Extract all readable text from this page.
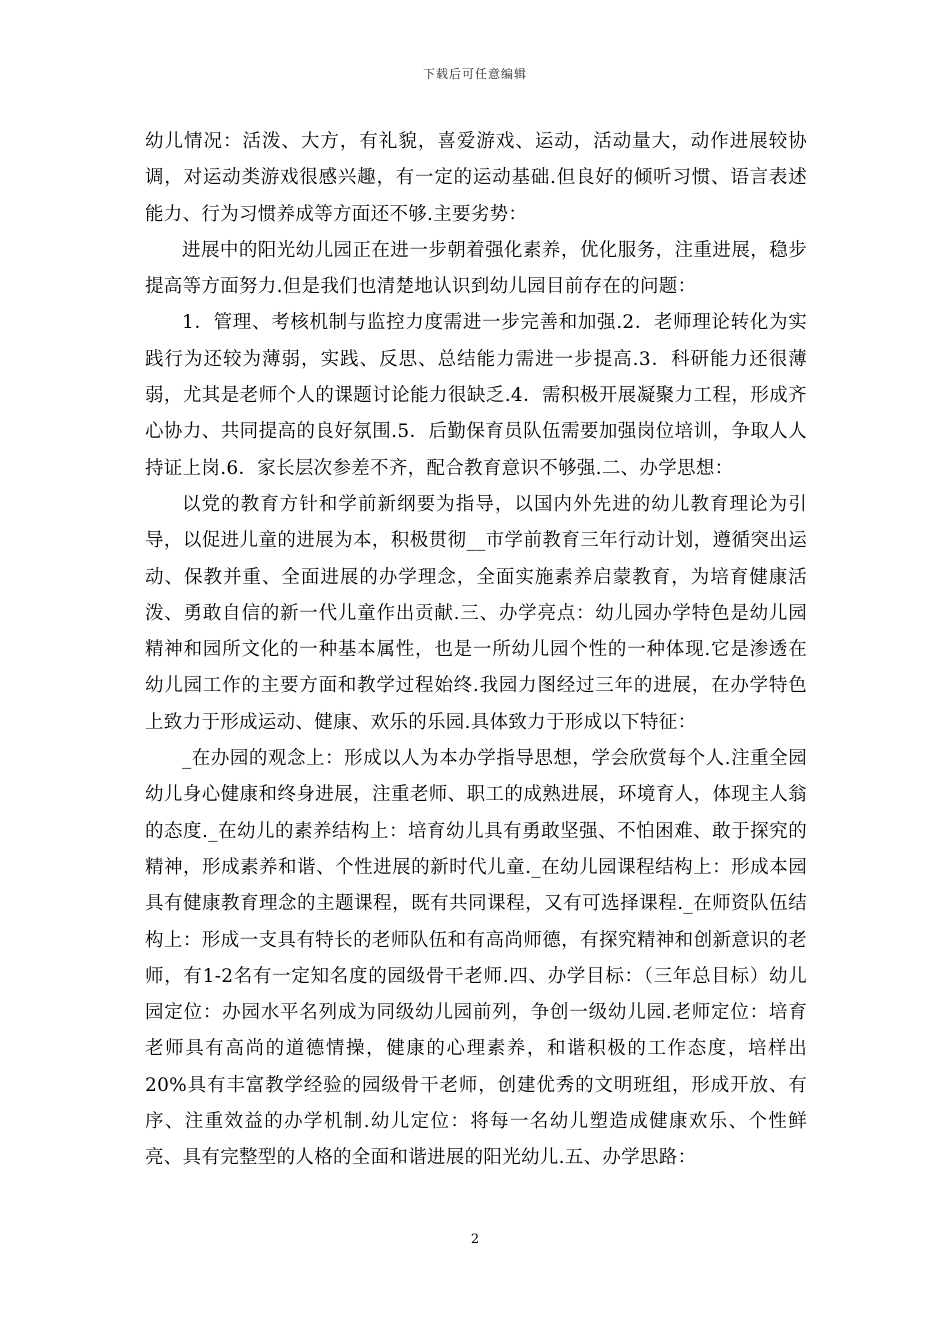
下载后可任意编辑

幼儿情况：活泼、大方，有礼貌，喜爱游戏、运动，活动量大，动作进展较协调，对运动类游戏很感兴趣，有一定的运动基础.但良好的倾听习惯、语言表述能力、行为习惯养成等方面还不够.主要劣势：

进展中的阳光幼儿园正在进一步朝着强化素养，优化服务，注重进展，稳步提高等方面努力.但是我们也清楚地认识到幼儿园目前存在的问题：

1．管理、考核机制与监控力度需进一步完善和加强.2．老师理论转化为实践行为还较为薄弱，实践、反思、总结能力需进一步提高.3．科研能力还很薄弱，尤其是老师个人的课题讨论能力很缺乏.4．需积极开展凝聚力工程，形成齐心协力、共同提高的良好氛围.5．后勤保育员队伍需要加强岗位培训，争取人人持证上岗.6．家长层次参差不齐，配合教育意识不够强.二、办学思想：

以党的教育方针和学前新纲要为指导，以国内外先进的幼儿教育理论为引导，以促进儿童的进展为本，积极贯彻__市学前教育三年行动计划，遵循突出运动、保教并重、全面进展的办学理念，全面实施素养启蒙教育，为培育健康活泼、勇敢自信的新一代儿童作出贡献.三、办学亮点：幼儿园办学特色是幼儿园精神和园所文化的一种基本属性，也是一所幼儿园个性的一种体现.它是渗透在幼儿园工作的主要方面和教学过程始终.我园力图经过三年的进展，在办学特色上致力于形成运动、健康、欢乐的乐园.具体致力于形成以下特征：

_在办园的观念上：形成以人为本办学指导思想，学会欣赏每个人.注重全园幼儿身心健康和终身进展，注重老师、职工的成熟进展，环境育人，体现主人翁的态度._在幼儿的素养结构上：培育幼儿具有勇敢坚强、不怕困难、敢于探究的精神，形成素养和谐、个性进展的新时代儿童._在幼儿园课程结构上：形成本园具有健康教育理念的主题课程，既有共同课程，又有可选择课程._在师资队伍结构上：形成一支具有特长的老师队伍和有高尚师德，有探究精神和创新意识的老师，有1-2名有一定知名度的园级骨干老师.四、办学目标：（三年总目标）幼儿园定位：办园水平名列成为同级幼儿园前列，争创一级幼儿园.老师定位：培育老师具有高尚的道德情操，健康的心理素养，和谐积极的工作态度，培样出20%具有丰富教学经验的园级骨干老师，创建优秀的文明班组，形成开放、有序、注重效益的办学机制.幼儿定位：将每一名幼儿塑造成健康欢乐、个性鲜亮、具有完整型的人格的全面和谐进展的阳光幼儿.五、办学思路：

2
